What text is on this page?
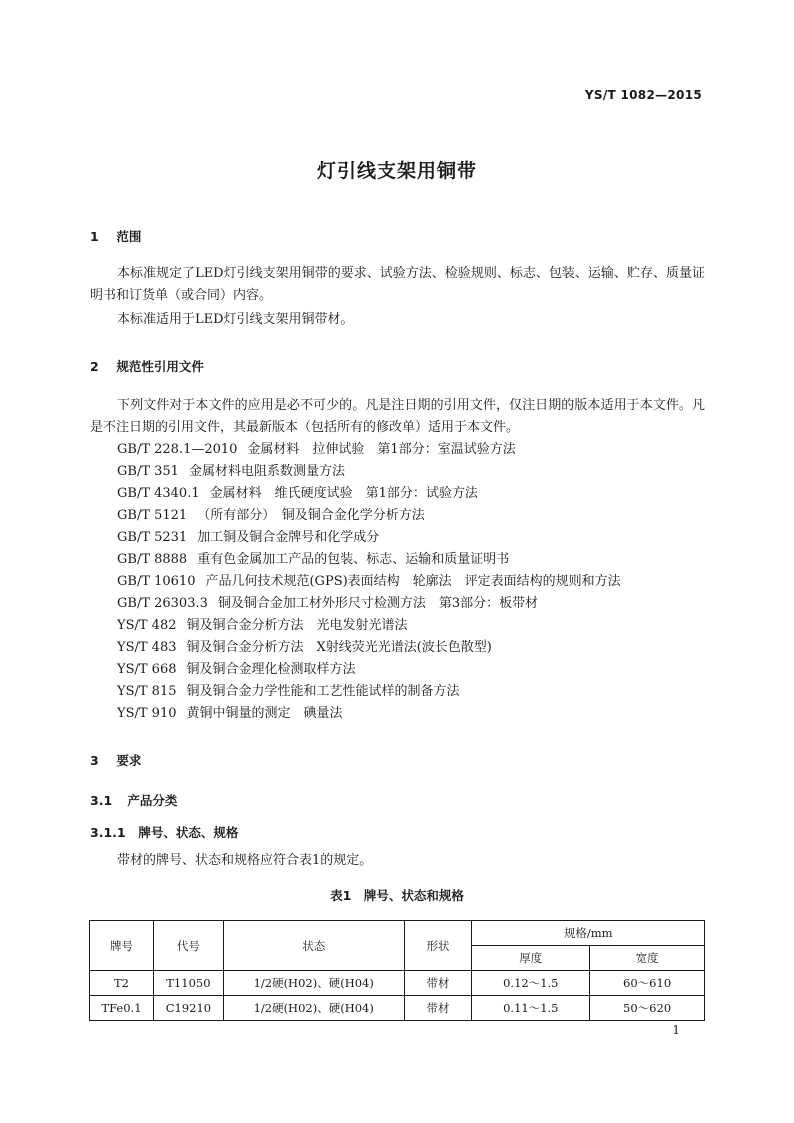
YS/T 1082—2015
灯引线支架用铜带
1 范围
本标准规定了LED灯引线支架用铜带的要求、试验方法、检验规则、标志、包装、运输、贮存、质量证明书和订货单（或合同）内容。
本标准适用于LED灯引线支架用铜带材。
2 规范性引用文件
下列文件对于本文件的应用是必不可少的。凡是注日期的引用文件，仅注日期的版本适用于本文件。凡是不注日期的引用文件，其最新版本（包括所有的修改单）适用于本文件。
GB/T 228.1—2010 金属材料　拉伸试验　第1部分：室温试验方法
GB/T 351 金属材料电阻系数测量方法
GB/T 4340.1 金属材料　维氏硬度试验　第1部分：试验方法
GB/T 5121 （所有部分）　铜及铜合金化学分析方法
GB/T 5231 加工铜及铜合金牌号和化学成分
GB/T 8888 重有色金属加工产品的包装、标志、运输和质量证明书
GB/T 10610 产品几何技术规范(GPS)表面结构　轮廓法　评定表面结构的规则和方法
GB/T 26303.3 铜及铜合金加工材外形尺寸检测方法　第3部分：板带材
YS/T 482 铜及铜合金分析方法　光电发射光谱法
YS/T 483 铜及铜合金分析方法　X射线荧光光谱法(波长色散型)
YS/T 668 铜及铜合金理化检测取样方法
YS/T 815 铜及铜合金力学性能和工艺性能试样的制备方法
YS/T 910 黄铜中铜量的测定　碘量法
3 要求
3.1 产品分类
3.1.1 牌号、状态、规格
带材的牌号、状态和规格应符合表1的规定。
表1　牌号、状态和规格
牌号	代号	状态	形状	规格/mm	
				厚度	宽度
T2	T11050	1/2硬(H02)、硬(H04)	带材	0.12～1.5	60～610
TFe0.1	C19210	1/2硬(H02)、硬(H04)	带材	0.11～1.5	50～620
1
